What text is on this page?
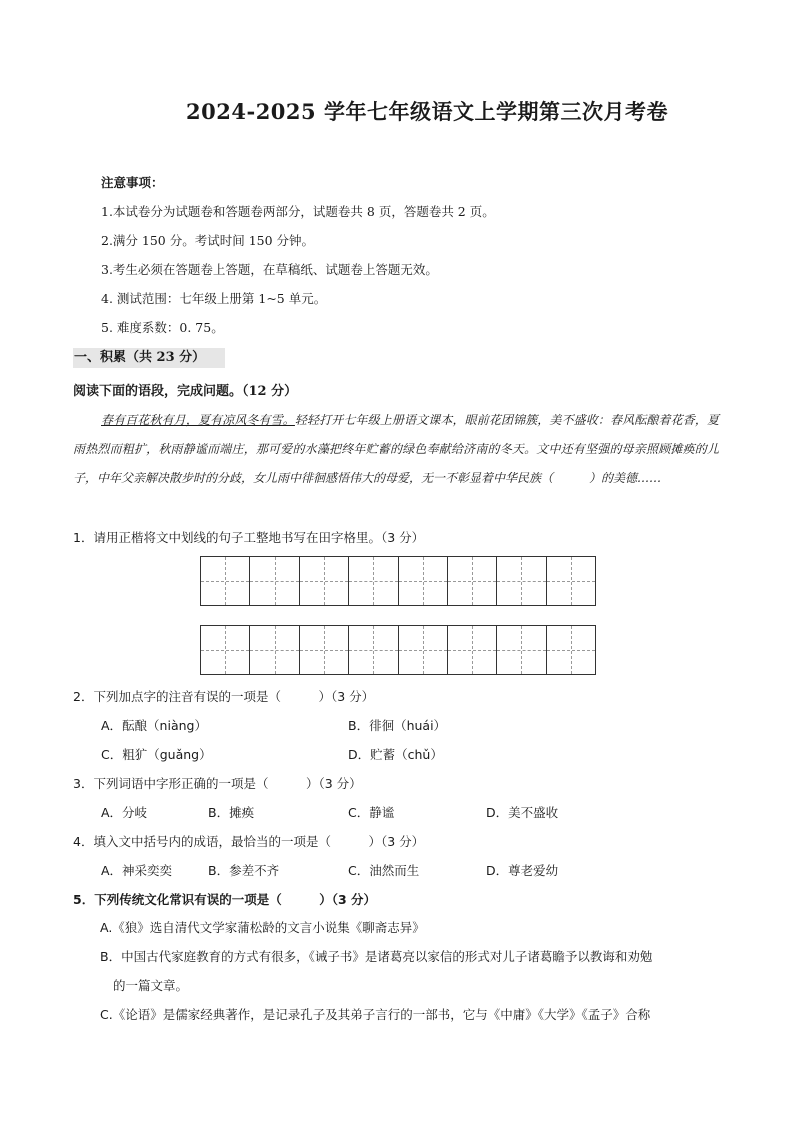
2024-2025 学年七年级语文上学期第三次月考卷
注意事项：
1.本试卷分为试题卷和答题卷两部分，试题卷共 8 页，答题卷共 2 页。
2.满分 150 分。考试时间 150 分钟。
3.考生必须在答题卷上答题，在草稿纸、试题卷上答题无效。
4. 测试范围：七年级上册第 1~5 单元。
5. 难度系数：0. 75。
一、积累（共 23 分）
阅读下面的语段，完成问题。（12 分）
春有百花秋有月，夏有凉风冬有雪。轻轻打开七年级上册语文课本，眼前花团锦簇，美不盛收：春风酝酿着花香，夏雨热烈而粗扩，秋雨静谧而端庄，那可爱的水藻把终年贮蓄的绿色奉献给济南的冬天。文中还有坚强的母亲照顾摊痪的儿子，中年父亲解决散步时的分歧，女儿雨中徘徊感悟伟大的母爱，无一不彰显着中华民族（　　　）的美德……
1．请用正楷将文中划线的句子工整地书写在田字格里。（3 分）
2．下列加点字的注音有误的一项是（　　　）（3 分）
A．酝酿（niàng）	B．徘徊（huái）
C．粗犷（guǎng）	D．贮蓄（chǔ）
3．下列词语中字形正确的一项是（　　　）（3 分）
A．分岐	B．摊痪	C．静谧	D．美不盛收
4．填入文中括号内的成语，最恰当的一项是（　　　）（3 分）
A．神采奕奕	B．参差不齐	C．油然而生	D．尊老爱幼
5．下列传统文化常识有误的一项是（　　　）（3 分）
A.《狼》选自清代文学家蒲松龄的文言小说集《聊斋志异》
B．中国古代家庭教育的方式有很多，《诫子书》是诸葛亮以家信的形式对儿子诸葛瞻予以教诲和劝勉
的一篇文章。
C.《论语》是儒家经典著作，是记录孔子及其弟子言行的一部书，它与《中庸》《大学》《孟子》合称
